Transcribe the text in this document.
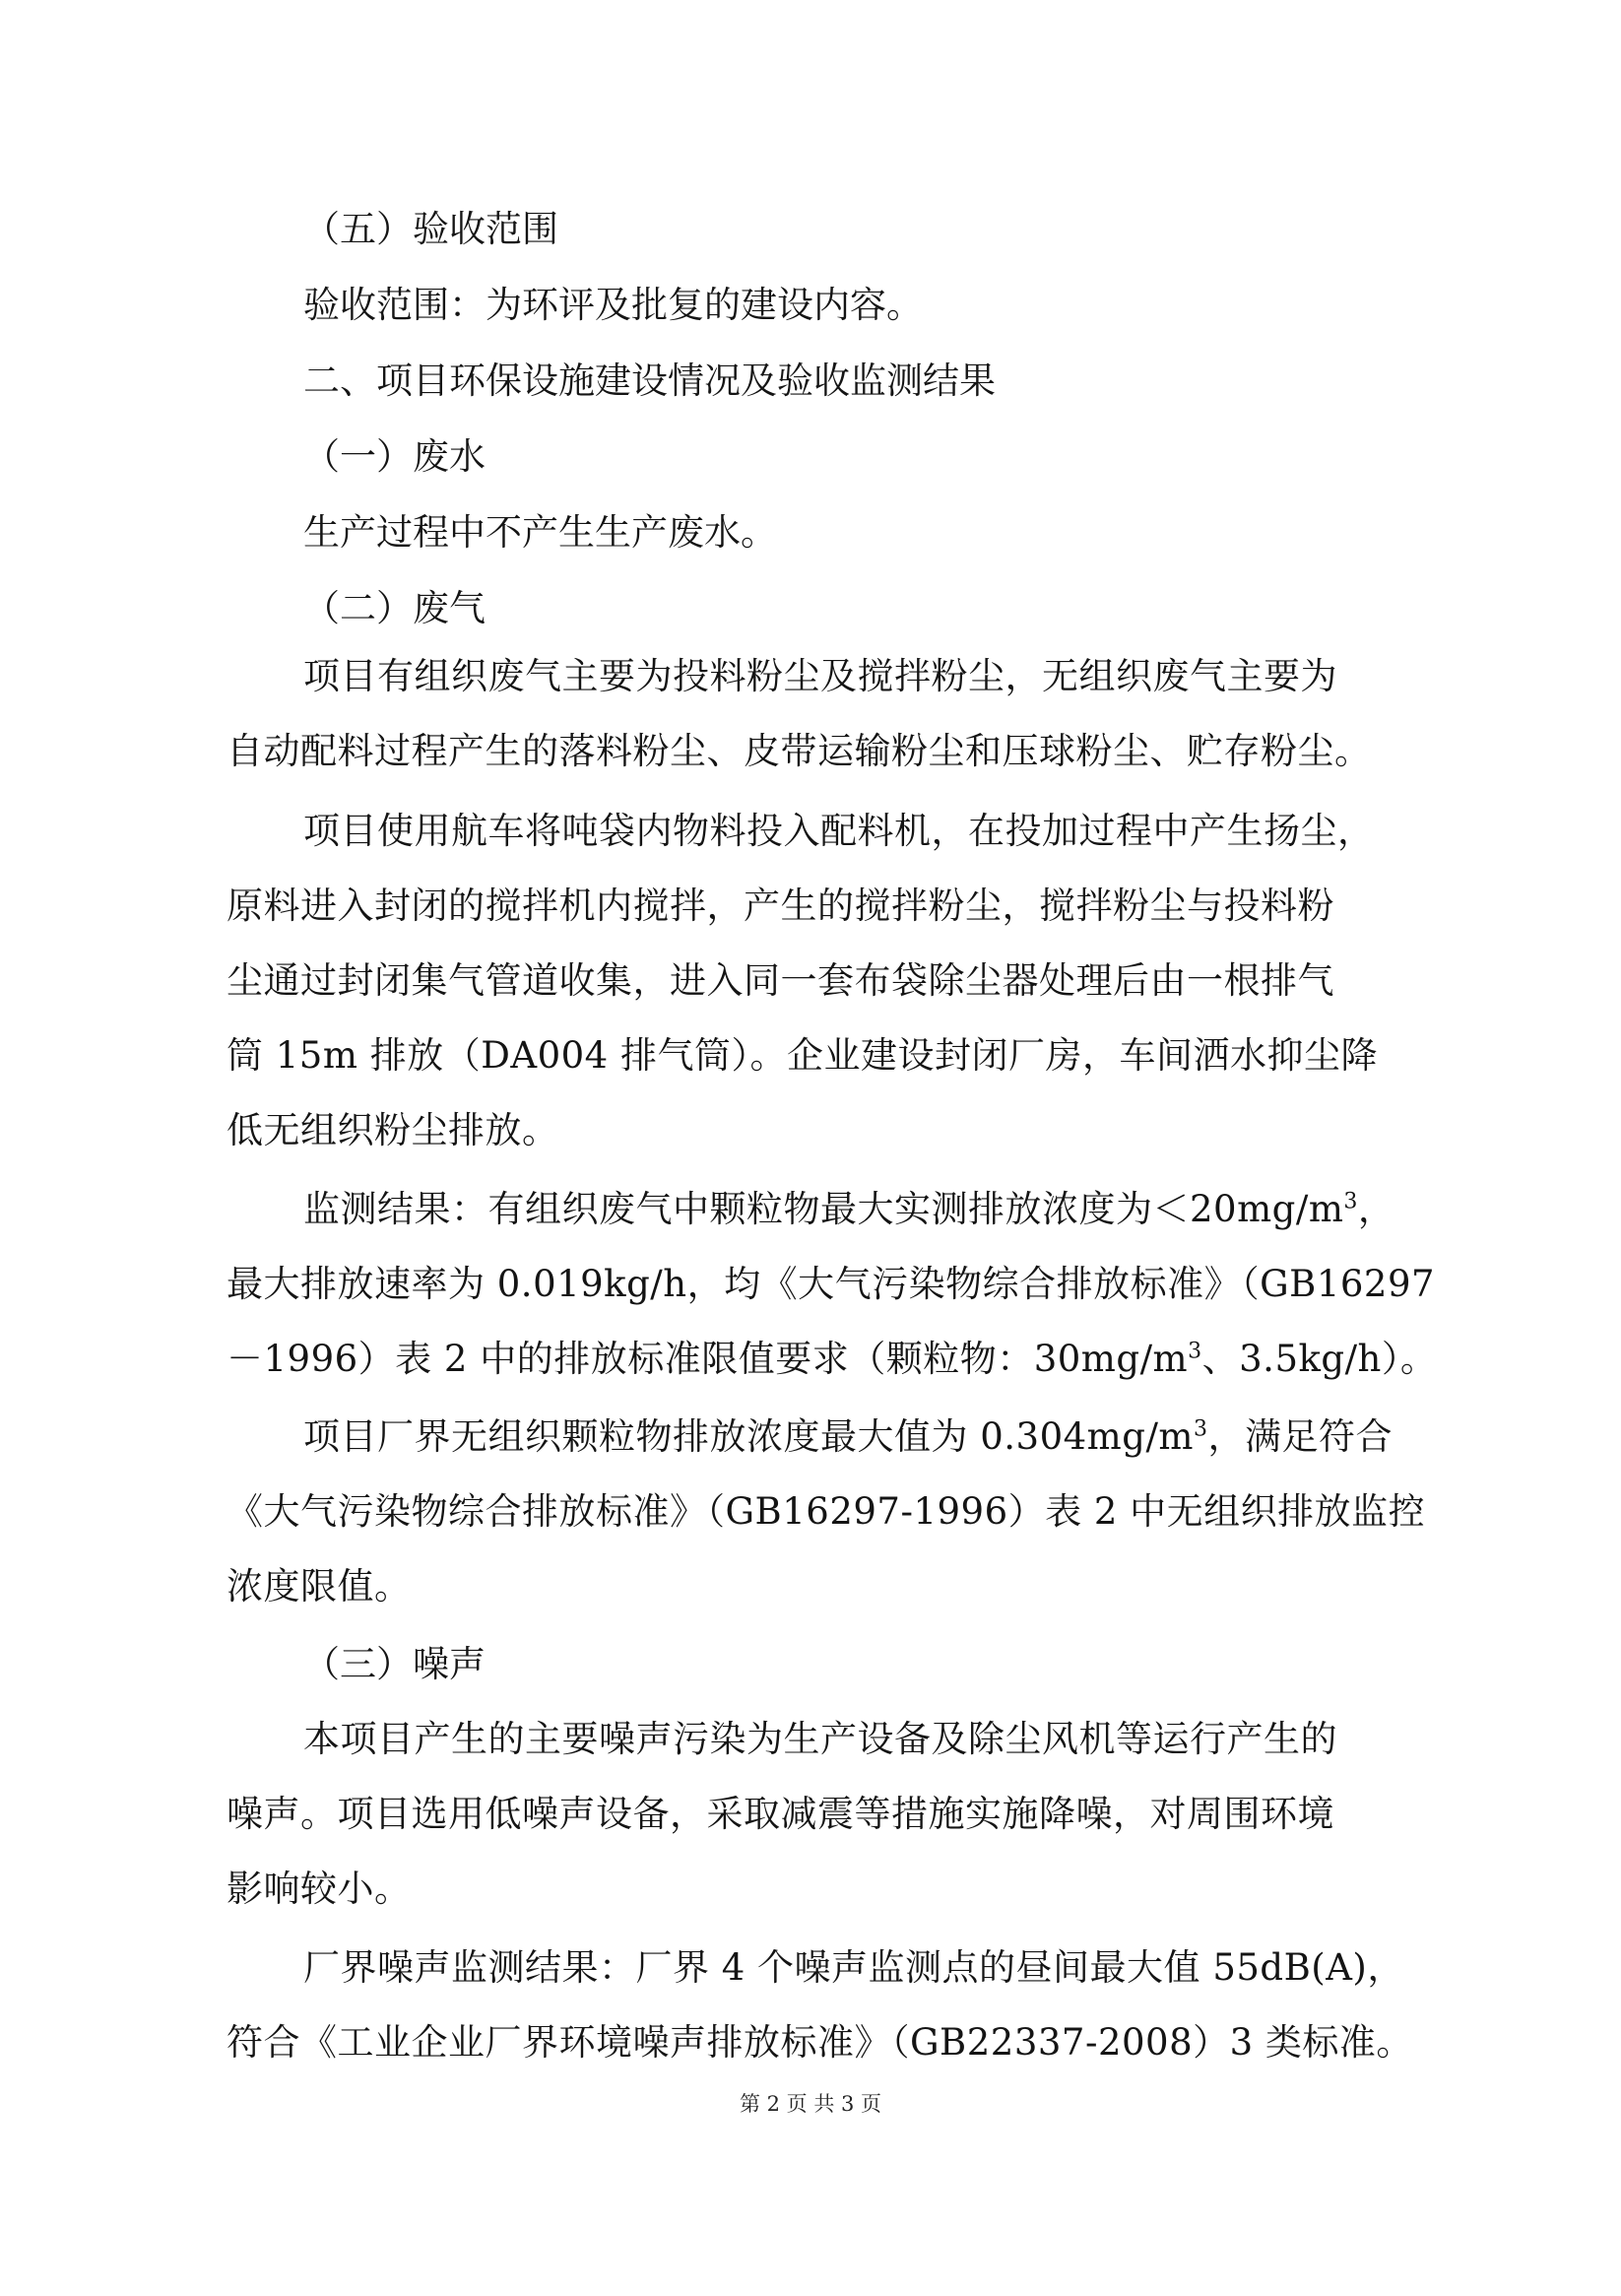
（五）验收范围
验收范围：为环评及批复的建设内容。
二、项目环保设施建设情况及验收监测结果
（一）废水
生产过程中不产生生产废水。
（二）废气
项目有组织废气主要为投料粉尘及搅拌粉尘，无组织废气主要为
自动配料过程产生的落料粉尘、皮带运输粉尘和压球粉尘、贮存粉尘。
项目使用航车将吨袋内物料投入配料机，在投加过程中产生扬尘，
原料进入封闭的搅拌机内搅拌，产生的搅拌粉尘，搅拌粉尘与投料粉
尘通过封闭集气管道收集，进入同一套布袋除尘器处理后由一根排气
筒 15m 排放（DA004 排气筒）。企业建设封闭厂房，车间洒水抑尘降
低无组织粉尘排放。
监测结果：有组织废气中颗粒物最大实测排放浓度为$<20mg/m^3$，
最大排放速率为 0.019kg/h，均《大气污染物综合排放标准》（GB16297
－1996）表 2 中的排放标准限值要求（颗粒物：$30mg/m^3$、3.5kg/h）。
项目厂界无组织颗粒物排放浓度最大值为 $0.304mg/m^3$，满足符合
《大气污染物综合排放标准》（GB16297-1996）表 2 中无组织排放监控
浓度限值。
（三）噪声
本项目产生的主要噪声污染为生产设备及除尘风机等运行产生的
噪声。项目选用低噪声设备，采取减震等措施实施降噪，对周围环境
影响较小。
厂界噪声监测结果：厂界 4 个噪声监测点的昼间最大值 55dB(A)，
符合《工业企业厂界环境噪声排放标准》（GB22337-2008）3 类标准。
第 2 页 共 3 页
